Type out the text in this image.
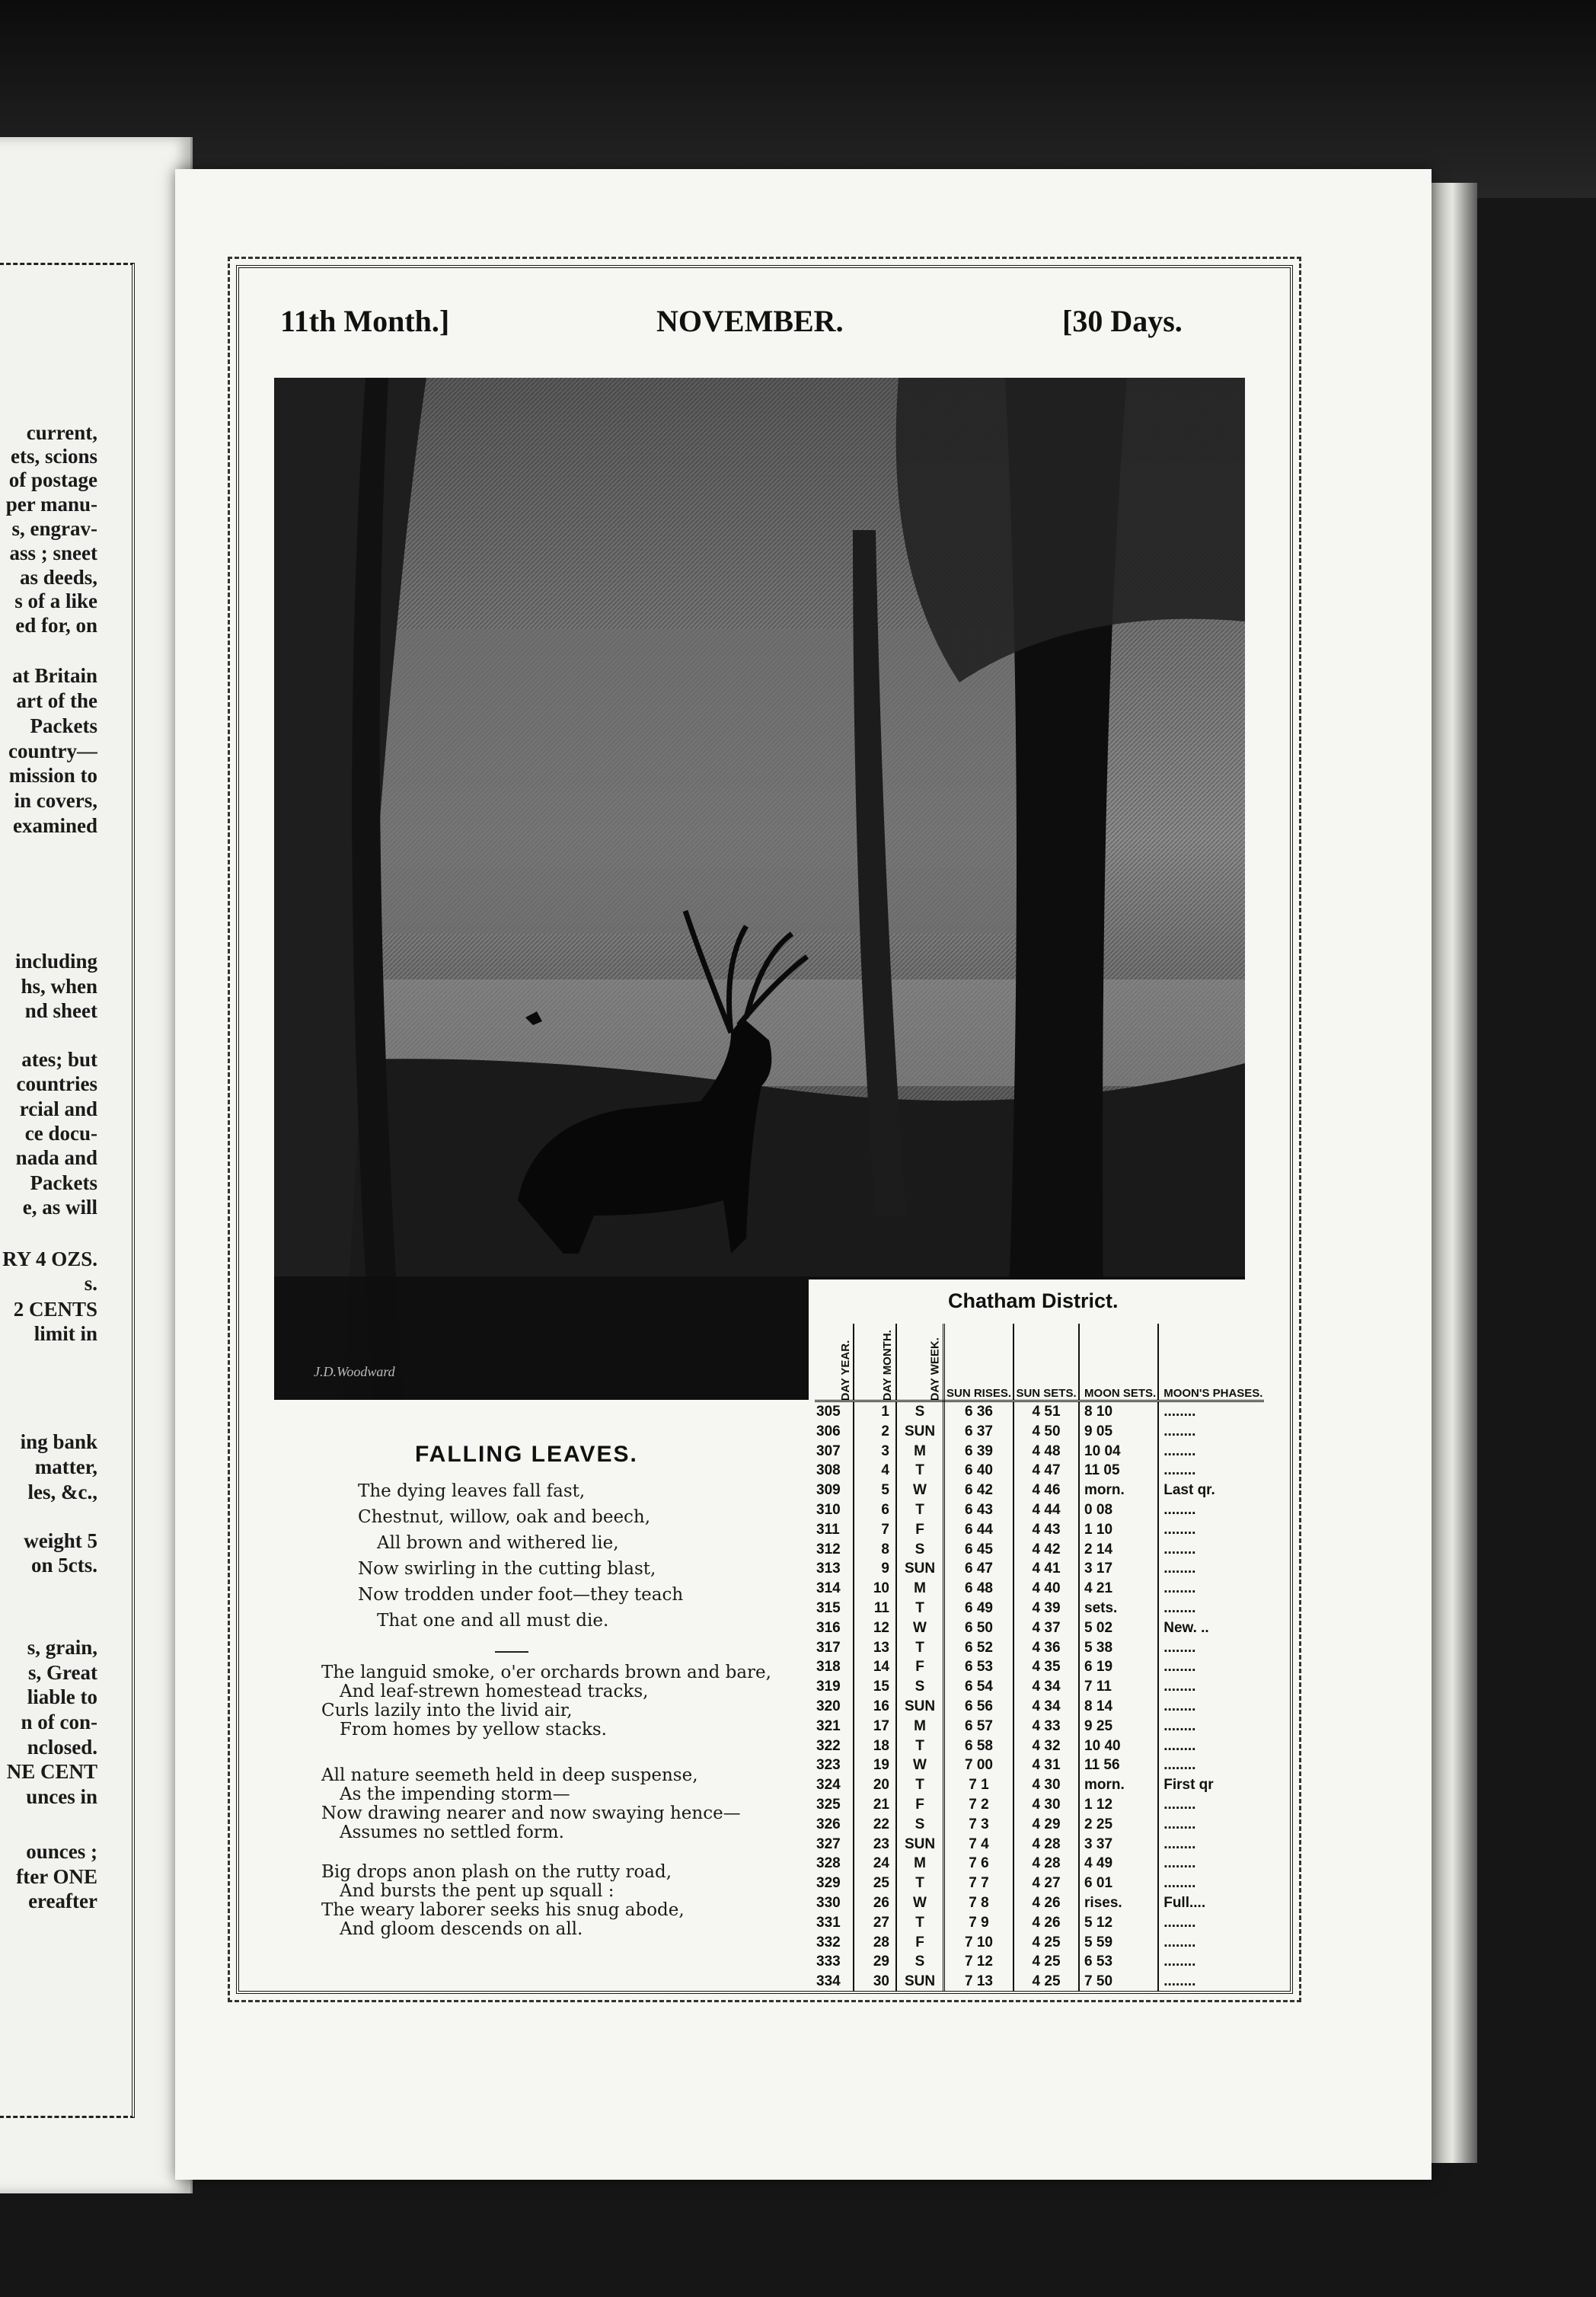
current,
ets, scions
of postage
per manu-
s, engrav-
ass ; sneet
as deeds,
s of a like
ed for, on
at Britain
art of the
Packets
country—
mission to
in covers,
examined
including
hs, when
nd sheet
ates; but
countries
rcial and
ce docu-
nada and
Packets
e, as will
RY 4 OZS.
s.
2 CENTS
limit in
ing bank
matter,
les, &c.,
weight 5
on 5cts.
s, grain,
s, Great
liable to
n of con-
nclosed.
NE CENT
unces in
ounces ;
fter ONE
ereafter
11th Month.]	NOVEMBER.	[30 Days.
J.D.Woodward
Chatham District.

DAY YEAR.	DAY MONTH.	DAY WEEK.	SUN RISES.	SUN SETS.	MOON SETS.	MOON'S PHASES.
305	1	S	6 36	4 51	8 10	........
306	2	SUN	6 37	4 50	9 05	........
307	3	M	6 39	4 48	10 04	........
308	4	T	6 40	4 47	11 05	........
309	5	W	6 42	4 46	morn.	Last qr.
310	6	T	6 43	4 44	0 08	........
311	7	F	6 44	4 43	1 10	........
312	8	S	6 45	4 42	2 14	........
313	9	SUN	6 47	4 41	3 17	........
314	10	M	6 48	4 40	4 21	........
315	11	T	6 49	4 39	sets.	........
316	12	W	6 50	4 37	5 02	New. ..
317	13	T	6 52	4 36	5 38	........
318	14	F	6 53	4 35	6 19	........
319	15	S	6 54	4 34	7 11	........
320	16	SUN	6 56	4 34	8 14	........
321	17	M	6 57	4 33	9 25	........
322	18	T	6 58	4 32	10 40	........
323	19	W	7 00	4 31	11 56	........
324	20	T	7 1	4 30	morn.	First qr
325	21	F	7 2	4 30	1 12	........
326	22	S	7 3	4 29	2 25	........
327	23	SUN	7 4	4 28	3 37	........
328	24	M	7 6	4 28	4 49	........
329	25	T	7 7	4 27	6 01	........
330	26	W	7 8	4 26	rises.	Full....
331	27	T	7 9	4 26	5 12	........
332	28	F	7 10	4 25	5 59	........
333	29	S	7 12	4 25	6 53	........
334	30	SUN	7 13	4 25	7 50	........
FALLING LEAVES.
The dying leaves fall fast,
Chestnut, willow, oak and beech,
All brown and withered lie,
Now swirling in the cutting blast,
Now trodden under foot—they teach
That one and all must die.
The languid smoke, o'er orchards brown and bare,
And leaf-strewn homestead tracks,
Curls lazily into the livid air,
From homes by yellow stacks.
All nature seemeth held in deep suspense,
As the impending storm—
Now drawing nearer and now swaying hence—
Assumes no settled form.
Big drops anon plash on the rutty road,
And bursts the pent up squall :
The weary laborer seeks his snug abode,
And gloom descends on all.
